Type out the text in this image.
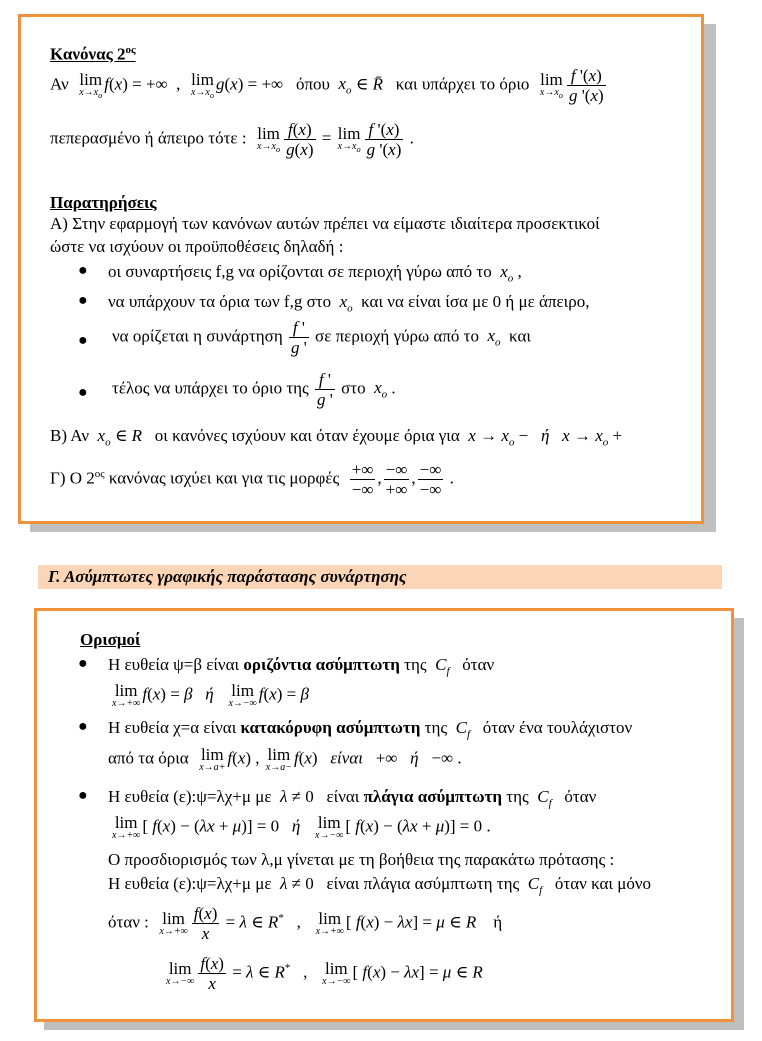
Κανόνας $2^{o\varsigma}$
Αν lim
$x\to x_o$
f(x) = +∞  , lim
$x\to x_o$
g(x) = +∞   όπου $x_o$ ∈ R̄ και υπάρχει το όριο lim
$x\to x_o \frac{f '(x)}{g '(x)}$
πεπερασμένο ή άπειρο τότε : lim
$x\to x_o \frac{f(x)}{g(x)} = \lim$
$x\to x_o \frac{f '(x)}{g '(x)}$ .
Παρατηρήσεις
Α) Στην εφαρμογή των κανόνων αυτών πρέπει να είμαστε ιδιαίτερα προσεκτικοί
ώστε να ισχύουν οι προϋποθέσεις δηλαδή :
● οι συναρτήσεις f,g να ορίζονται σε περιοχή γύρω από το $x_o$ ,
● να υπάρχουν τα όρια των f,g στο $x_o$ και να είναι ίσα με 0 ή με άπειρο,
● να ορίζεται η συνάρτηση $\frac{f '}{g '}$ σε περιοχή γύρω από το $x_o$ και
● τέλος να υπάρχει το όριο της $\frac{f '}{g '}$ στο $x_o$ .
Β) Αν $x_o$ ∈ R οι κανόνες ισχύουν και όταν έχουμε όρια για $x \to x_o - ή$ $x \to x_o$ +
Γ) Ο $2^{o\varsigma}$ κανόνας ισχύει και για τις μορφές $\frac{+\infty}{-\infty}$ , $\frac{-\infty}{+\infty}$ , $\frac{-\infty}{-\infty}$ .
Γ. Ασύμπτωτες γραφικής παράστασης συνάρτησης
Ορισμοί
● Η ευθεία ψ=β είναι οριζόντια ασύμπτωτη της $C_f$ όταν
lim
x→+∞
f(x) = β ή lim
x→−∞
f(x) = β
● Η ευθεία χ=α είναι κατακόρυφη ασύμπτωτη της $C_f$ όταν ένα τουλάχιστον
από τα όρια lim
x→a+
f(x) , lim
x→a−
f(x)   είναι   +∞   ή   −∞ .
● Η ευθεία (ε):ψ=λχ+μ με λ ≠ 0   είναι πλάγια ασύμπτωτη της $C_f$ όταν
lim
x→+∞
[ f(x) − (λx + μ)] = 0   ή lim
x→−∞
[ f(x) − (λx + μ)] = 0 .
Ο προσδιορισμός των λ,μ γίνεται με τη βοήθεια της παρακάτω πρότασης :
Η ευθεία (ε):ψ=λχ+μ με λ ≠ 0   είναι πλάγια ασύμπτωτη της $C_f$ όταν και μόνο
όταν : lim
$x\to+\infty \frac{f(x)}{x} = \lambda$ ∈ R*   , lim
x→+∞
[ f(x) − λx] = μ ∈ R ή
lim
$x\to-\infty \frac{f(x)}{x} = \lambda$ ∈ R*   , lim
x→−∞
[ f(x) − λx] = μ ∈ R
